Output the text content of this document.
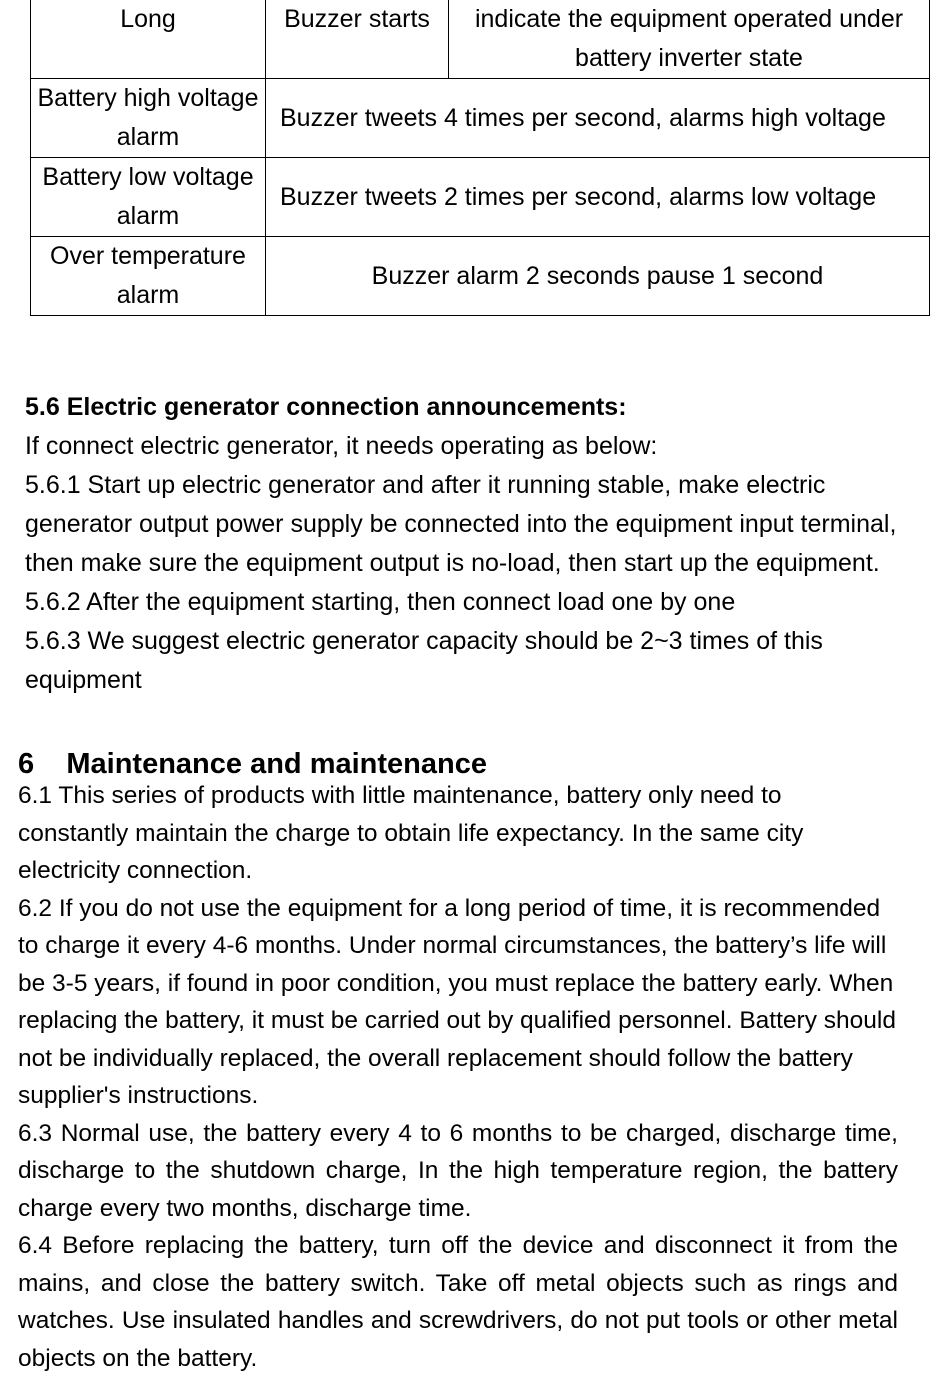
Long	Buzzer starts	indicate the equipment operated under battery inverter state
Battery high voltage alarm	Buzzer tweets 4 times per second, alarms high voltage	
Battery low voltage alarm	Buzzer tweets 2 times per second, alarms low voltage	
Over temperature alarm	Buzzer alarm 2 seconds pause 1 second	

5.6 Electric generator connection announcements:

If connect electric generator, it needs operating as below:

5.6.1 Start up electric generator and after it running stable, make electric generator output power supply be connected into the equipment input terminal, then make sure the equipment output is no-load, then start up the equipment.

5.6.2 After the equipment starting, then connect load one by one

5.6.3 We suggest electric generator capacity should be 2~3 times of this equipment

6 Maintenance and maintenance

6.1 This series of products with little maintenance, battery only need to constantly maintain the charge to obtain life expectancy. In the same city electricity connection.

6.2 If you do not use the equipment for a long period of time, it is recommended to charge it every 4-6 months. Under normal circumstances, the battery’s life will be 3-5 years, if found in poor condition, you must replace the battery early. When replacing the battery, it must be carried out by qualified personnel. Battery should not be individually replaced, the overall replacement should follow the battery supplier's instructions.

6.3 Normal use, the battery every 4 to 6 months to be charged, discharge time, discharge to the shutdown charge, In the high temperature region, the battery charge every two months, discharge time.

6.4 Before replacing the battery, turn off the device and disconnect it from the mains, and close the battery switch. Take off metal objects such as rings and watches. Use insulated handles and screwdrivers, do not put tools or other metal objects on the battery.
